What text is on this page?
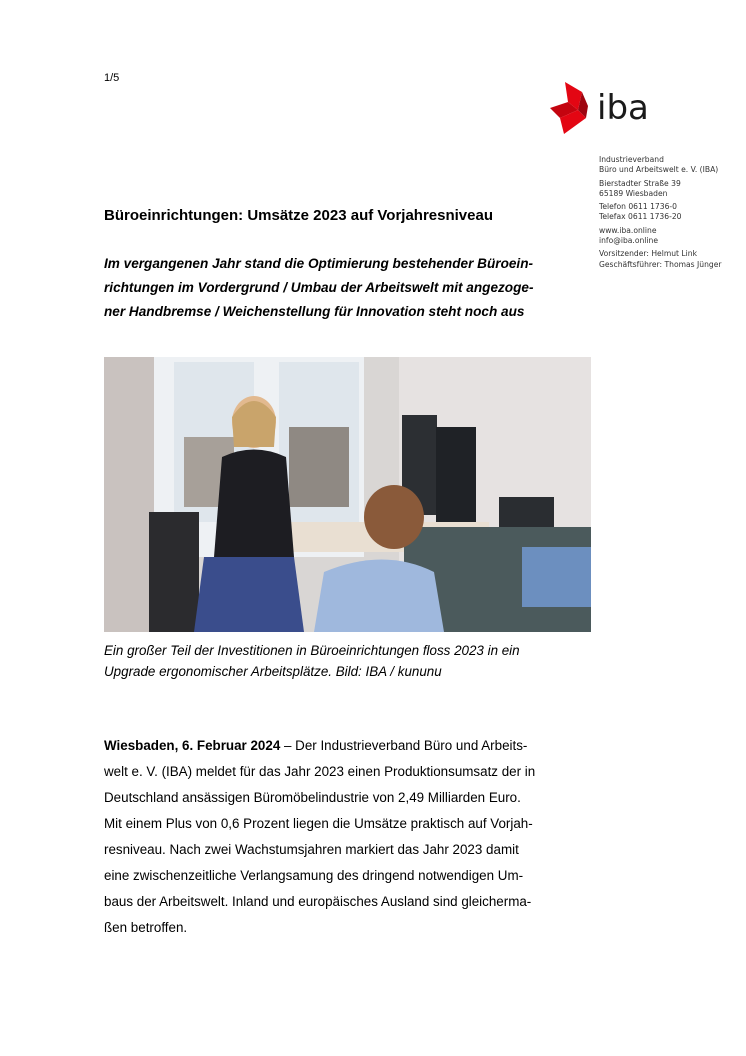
1/5
iba
Industrieverband
Büro und Arbeitswelt e. V. (IBA)
Bierstadter Straße 39
65189 Wiesbaden
Telefon 0611 1736-0
Telefax 0611 1736-20
www.iba.online
info@iba.online
Vorsitzender: Helmut Link
Geschäftsführer: Thomas Jünger
Büroeinrichtungen: Umsätze 2023 auf Vorjahresniveau
Im vergangenen Jahr stand die Optimierung bestehender Büroein-
richtungen im Vordergrund / Umbau der Arbeitswelt mit angezoge-
ner Handbremse / Weichenstellung für Innovation steht noch aus
Ein großer Teil der Investitionen in Büroeinrichtungen floss 2023 in ein
Upgrade ergonomischer Arbeitsplätze. Bild: IBA / kununu
Wiesbaden, 6. Februar 2024 – Der Industrieverband Büro und Arbeits-
welt e. V. (IBA) meldet für das Jahr 2023 einen Produktionsumsatz der in
Deutschland ansässigen Büromöbelindustrie von 2,49 Milliarden Euro.
Mit einem Plus von 0,6 Prozent liegen die Umsätze praktisch auf Vorjah-
resniveau. Nach zwei Wachstumsjahren markiert das Jahr 2023 damit
eine zwischenzeitliche Verlangsamung des dringend notwendigen Um-
baus der Arbeitswelt. Inland und europäisches Ausland sind gleicherma-
ßen betroffen.
